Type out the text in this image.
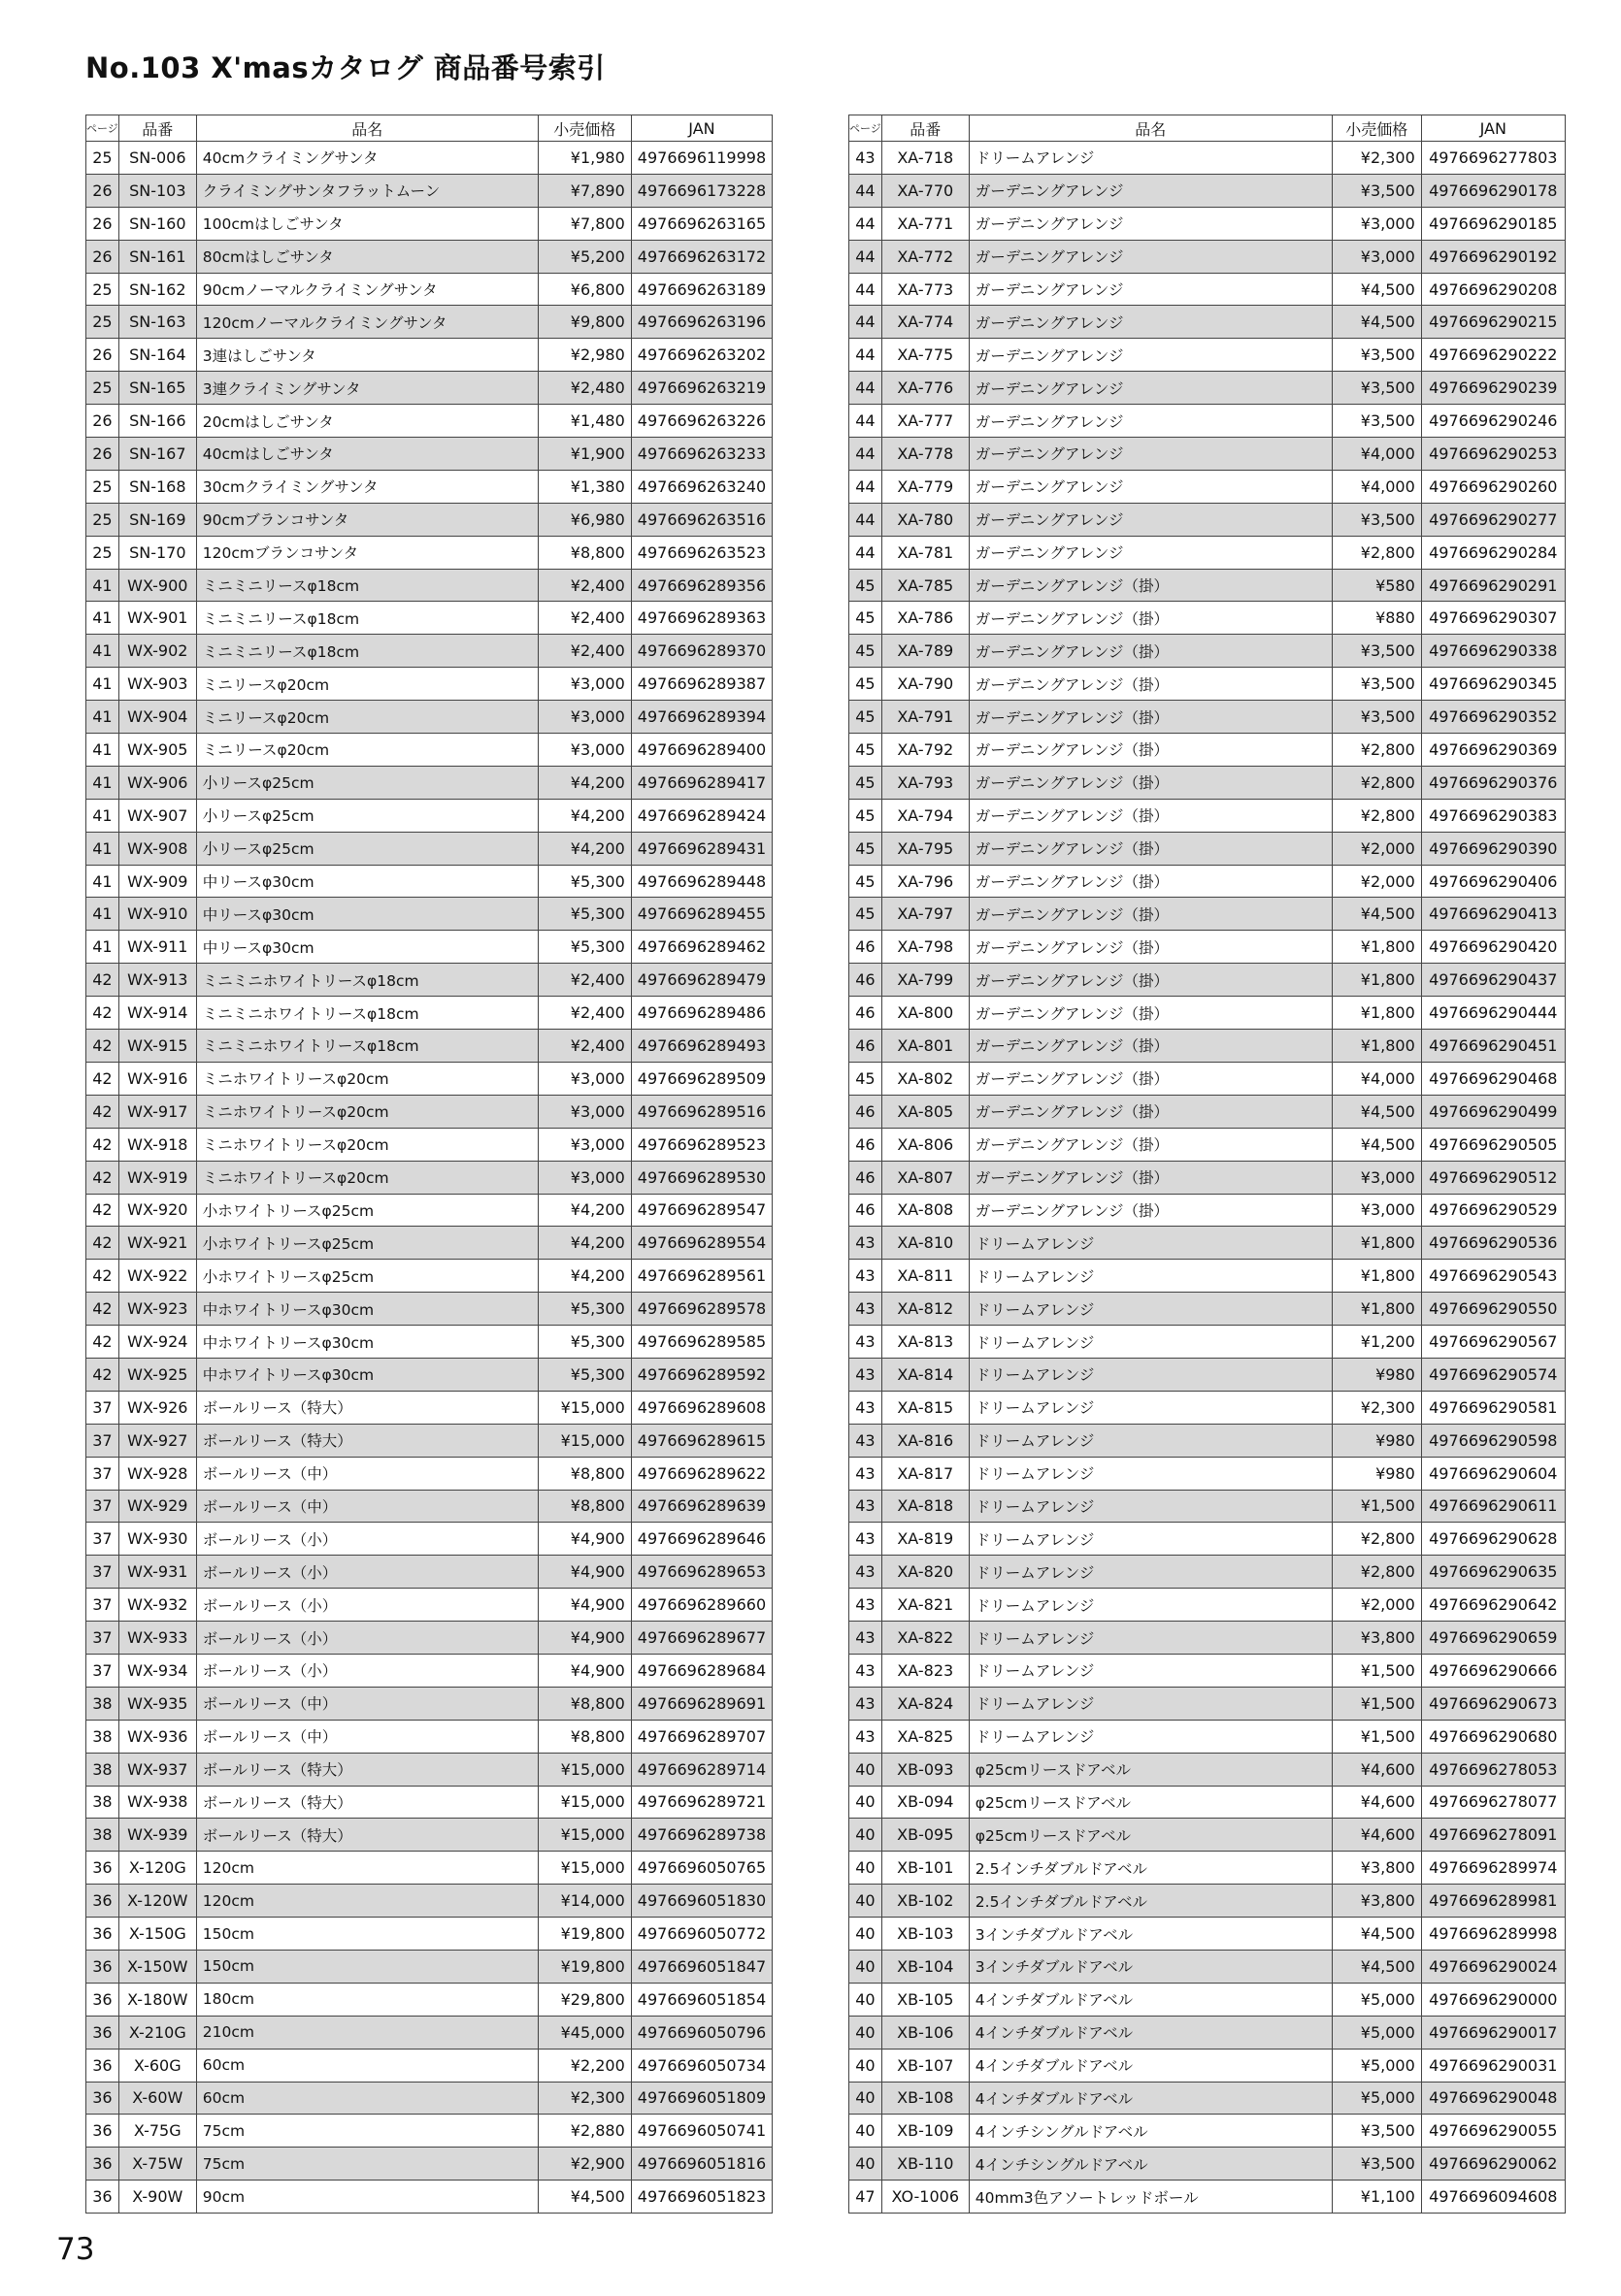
No.103 X'masカタログ 商品番号索引
ページ	品番	品名	小売価格	JAN
25	SN-006	40cmクライミングサンタ	¥1,980	4976696119998
26	SN-103	クライミングサンタフラットムーン	¥7,890	4976696173228
26	SN-160	100cmはしごサンタ	¥7,800	4976696263165
26	SN-161	80cmはしごサンタ	¥5,200	4976696263172
25	SN-162	90cmノーマルクライミングサンタ	¥6,800	4976696263189
25	SN-163	120cmノーマルクライミングサンタ	¥9,800	4976696263196
26	SN-164	3連はしごサンタ	¥2,980	4976696263202
25	SN-165	3連クライミングサンタ	¥2,480	4976696263219
26	SN-166	20cmはしごサンタ	¥1,480	4976696263226
26	SN-167	40cmはしごサンタ	¥1,900	4976696263233
25	SN-168	30cmクライミングサンタ	¥1,380	4976696263240
25	SN-169	90cmブランコサンタ	¥6,980	4976696263516
25	SN-170	120cmブランコサンタ	¥8,800	4976696263523
41	WX-900	ミニミニリースφ18cm	¥2,400	4976696289356
41	WX-901	ミニミニリースφ18cm	¥2,400	4976696289363
41	WX-902	ミニミニリースφ18cm	¥2,400	4976696289370
41	WX-903	ミニリースφ20cm	¥3,000	4976696289387
41	WX-904	ミニリースφ20cm	¥3,000	4976696289394
41	WX-905	ミニリースφ20cm	¥3,000	4976696289400
41	WX-906	小リースφ25cm	¥4,200	4976696289417
41	WX-907	小リースφ25cm	¥4,200	4976696289424
41	WX-908	小リースφ25cm	¥4,200	4976696289431
41	WX-909	中リースφ30cm	¥5,300	4976696289448
41	WX-910	中リースφ30cm	¥5,300	4976696289455
41	WX-911	中リースφ30cm	¥5,300	4976696289462
42	WX-913	ミニミニホワイトリースφ18cm	¥2,400	4976696289479
42	WX-914	ミニミニホワイトリースφ18cm	¥2,400	4976696289486
42	WX-915	ミニミニホワイトリースφ18cm	¥2,400	4976696289493
42	WX-916	ミニホワイトリースφ20cm	¥3,000	4976696289509
42	WX-917	ミニホワイトリースφ20cm	¥3,000	4976696289516
42	WX-918	ミニホワイトリースφ20cm	¥3,000	4976696289523
42	WX-919	ミニホワイトリースφ20cm	¥3,000	4976696289530
42	WX-920	小ホワイトリースφ25cm	¥4,200	4976696289547
42	WX-921	小ホワイトリースφ25cm	¥4,200	4976696289554
42	WX-922	小ホワイトリースφ25cm	¥4,200	4976696289561
42	WX-923	中ホワイトリースφ30cm	¥5,300	4976696289578
42	WX-924	中ホワイトリースφ30cm	¥5,300	4976696289585
42	WX-925	中ホワイトリースφ30cm	¥5,300	4976696289592
37	WX-926	ボールリース（特大）	¥15,000	4976696289608
37	WX-927	ボールリース（特大）	¥15,000	4976696289615
37	WX-928	ボールリース（中）	¥8,800	4976696289622
37	WX-929	ボールリース（中）	¥8,800	4976696289639
37	WX-930	ボールリース（小）	¥4,900	4976696289646
37	WX-931	ボールリース（小）	¥4,900	4976696289653
37	WX-932	ボールリース（小）	¥4,900	4976696289660
37	WX-933	ボールリース（小）	¥4,900	4976696289677
37	WX-934	ボールリース（小）	¥4,900	4976696289684
38	WX-935	ボールリース（中）	¥8,800	4976696289691
38	WX-936	ボールリース（中）	¥8,800	4976696289707
38	WX-937	ボールリース（特大）	¥15,000	4976696289714
38	WX-938	ボールリース（特大）	¥15,000	4976696289721
38	WX-939	ボールリース（特大）	¥15,000	4976696289738
36	X-120G	120cm	¥15,000	4976696050765
36	X-120W	120cm	¥14,000	4976696051830
36	X-150G	150cm	¥19,800	4976696050772
36	X-150W	150cm	¥19,800	4976696051847
36	X-180W	180cm	¥29,800	4976696051854
36	X-210G	210cm	¥45,000	4976696050796
36	X-60G	60cm	¥2,200	4976696050734
36	X-60W	60cm	¥2,300	4976696051809
36	X-75G	75cm	¥2,880	4976696050741
36	X-75W	75cm	¥2,900	4976696051816
36	X-90W	90cm	¥4,500	4976696051823
ページ	品番	品名	小売価格	JAN
43	XA-718	ドリームアレンジ	¥2,300	4976696277803
44	XA-770	ガーデニングアレンジ	¥3,500	4976696290178
44	XA-771	ガーデニングアレンジ	¥3,000	4976696290185
44	XA-772	ガーデニングアレンジ	¥3,000	4976696290192
44	XA-773	ガーデニングアレンジ	¥4,500	4976696290208
44	XA-774	ガーデニングアレンジ	¥4,500	4976696290215
44	XA-775	ガーデニングアレンジ	¥3,500	4976696290222
44	XA-776	ガーデニングアレンジ	¥3,500	4976696290239
44	XA-777	ガーデニングアレンジ	¥3,500	4976696290246
44	XA-778	ガーデニングアレンジ	¥4,000	4976696290253
44	XA-779	ガーデニングアレンジ	¥4,000	4976696290260
44	XA-780	ガーデニングアレンジ	¥3,500	4976696290277
44	XA-781	ガーデニングアレンジ	¥2,800	4976696290284
45	XA-785	ガーデニングアレンジ（掛）	¥580	4976696290291
45	XA-786	ガーデニングアレンジ（掛）	¥880	4976696290307
45	XA-789	ガーデニングアレンジ（掛）	¥3,500	4976696290338
45	XA-790	ガーデニングアレンジ（掛）	¥3,500	4976696290345
45	XA-791	ガーデニングアレンジ（掛）	¥3,500	4976696290352
45	XA-792	ガーデニングアレンジ（掛）	¥2,800	4976696290369
45	XA-793	ガーデニングアレンジ（掛）	¥2,800	4976696290376
45	XA-794	ガーデニングアレンジ（掛）	¥2,800	4976696290383
45	XA-795	ガーデニングアレンジ（掛）	¥2,000	4976696290390
45	XA-796	ガーデニングアレンジ（掛）	¥2,000	4976696290406
45	XA-797	ガーデニングアレンジ（掛）	¥4,500	4976696290413
46	XA-798	ガーデニングアレンジ（掛）	¥1,800	4976696290420
46	XA-799	ガーデニングアレンジ（掛）	¥1,800	4976696290437
46	XA-800	ガーデニングアレンジ（掛）	¥1,800	4976696290444
46	XA-801	ガーデニングアレンジ（掛）	¥1,800	4976696290451
45	XA-802	ガーデニングアレンジ（掛）	¥4,000	4976696290468
46	XA-805	ガーデニングアレンジ（掛）	¥4,500	4976696290499
46	XA-806	ガーデニングアレンジ（掛）	¥4,500	4976696290505
46	XA-807	ガーデニングアレンジ（掛）	¥3,000	4976696290512
46	XA-808	ガーデニングアレンジ（掛）	¥3,000	4976696290529
43	XA-810	ドリームアレンジ	¥1,800	4976696290536
43	XA-811	ドリームアレンジ	¥1,800	4976696290543
43	XA-812	ドリームアレンジ	¥1,800	4976696290550
43	XA-813	ドリームアレンジ	¥1,200	4976696290567
43	XA-814	ドリームアレンジ	¥980	4976696290574
43	XA-815	ドリームアレンジ	¥2,300	4976696290581
43	XA-816	ドリームアレンジ	¥980	4976696290598
43	XA-817	ドリームアレンジ	¥980	4976696290604
43	XA-818	ドリームアレンジ	¥1,500	4976696290611
43	XA-819	ドリームアレンジ	¥2,800	4976696290628
43	XA-820	ドリームアレンジ	¥2,800	4976696290635
43	XA-821	ドリームアレンジ	¥2,000	4976696290642
43	XA-822	ドリームアレンジ	¥3,800	4976696290659
43	XA-823	ドリームアレンジ	¥1,500	4976696290666
43	XA-824	ドリームアレンジ	¥1,500	4976696290673
43	XA-825	ドリームアレンジ	¥1,500	4976696290680
40	XB-093	φ25cmリースドアベル	¥4,600	4976696278053
40	XB-094	φ25cmリースドアベル	¥4,600	4976696278077
40	XB-095	φ25cmリースドアベル	¥4,600	4976696278091
40	XB-101	2.5インチダブルドアベル	¥3,800	4976696289974
40	XB-102	2.5インチダブルドアベル	¥3,800	4976696289981
40	XB-103	3インチダブルドアベル	¥4,500	4976696289998
40	XB-104	3インチダブルドアベル	¥4,500	4976696290024
40	XB-105	4インチダブルドアベル	¥5,000	4976696290000
40	XB-106	4インチダブルドアベル	¥5,000	4976696290017
40	XB-107	4インチダブルドアベル	¥5,000	4976696290031
40	XB-108	4インチダブルドアベル	¥5,000	4976696290048
40	XB-109	4インチシングルドアベル	¥3,500	4976696290055
40	XB-110	4インチシングルドアベル	¥3,500	4976696290062
47	XO-1006	40mm3色アソートレッドボール	¥1,100	4976696094608
73
